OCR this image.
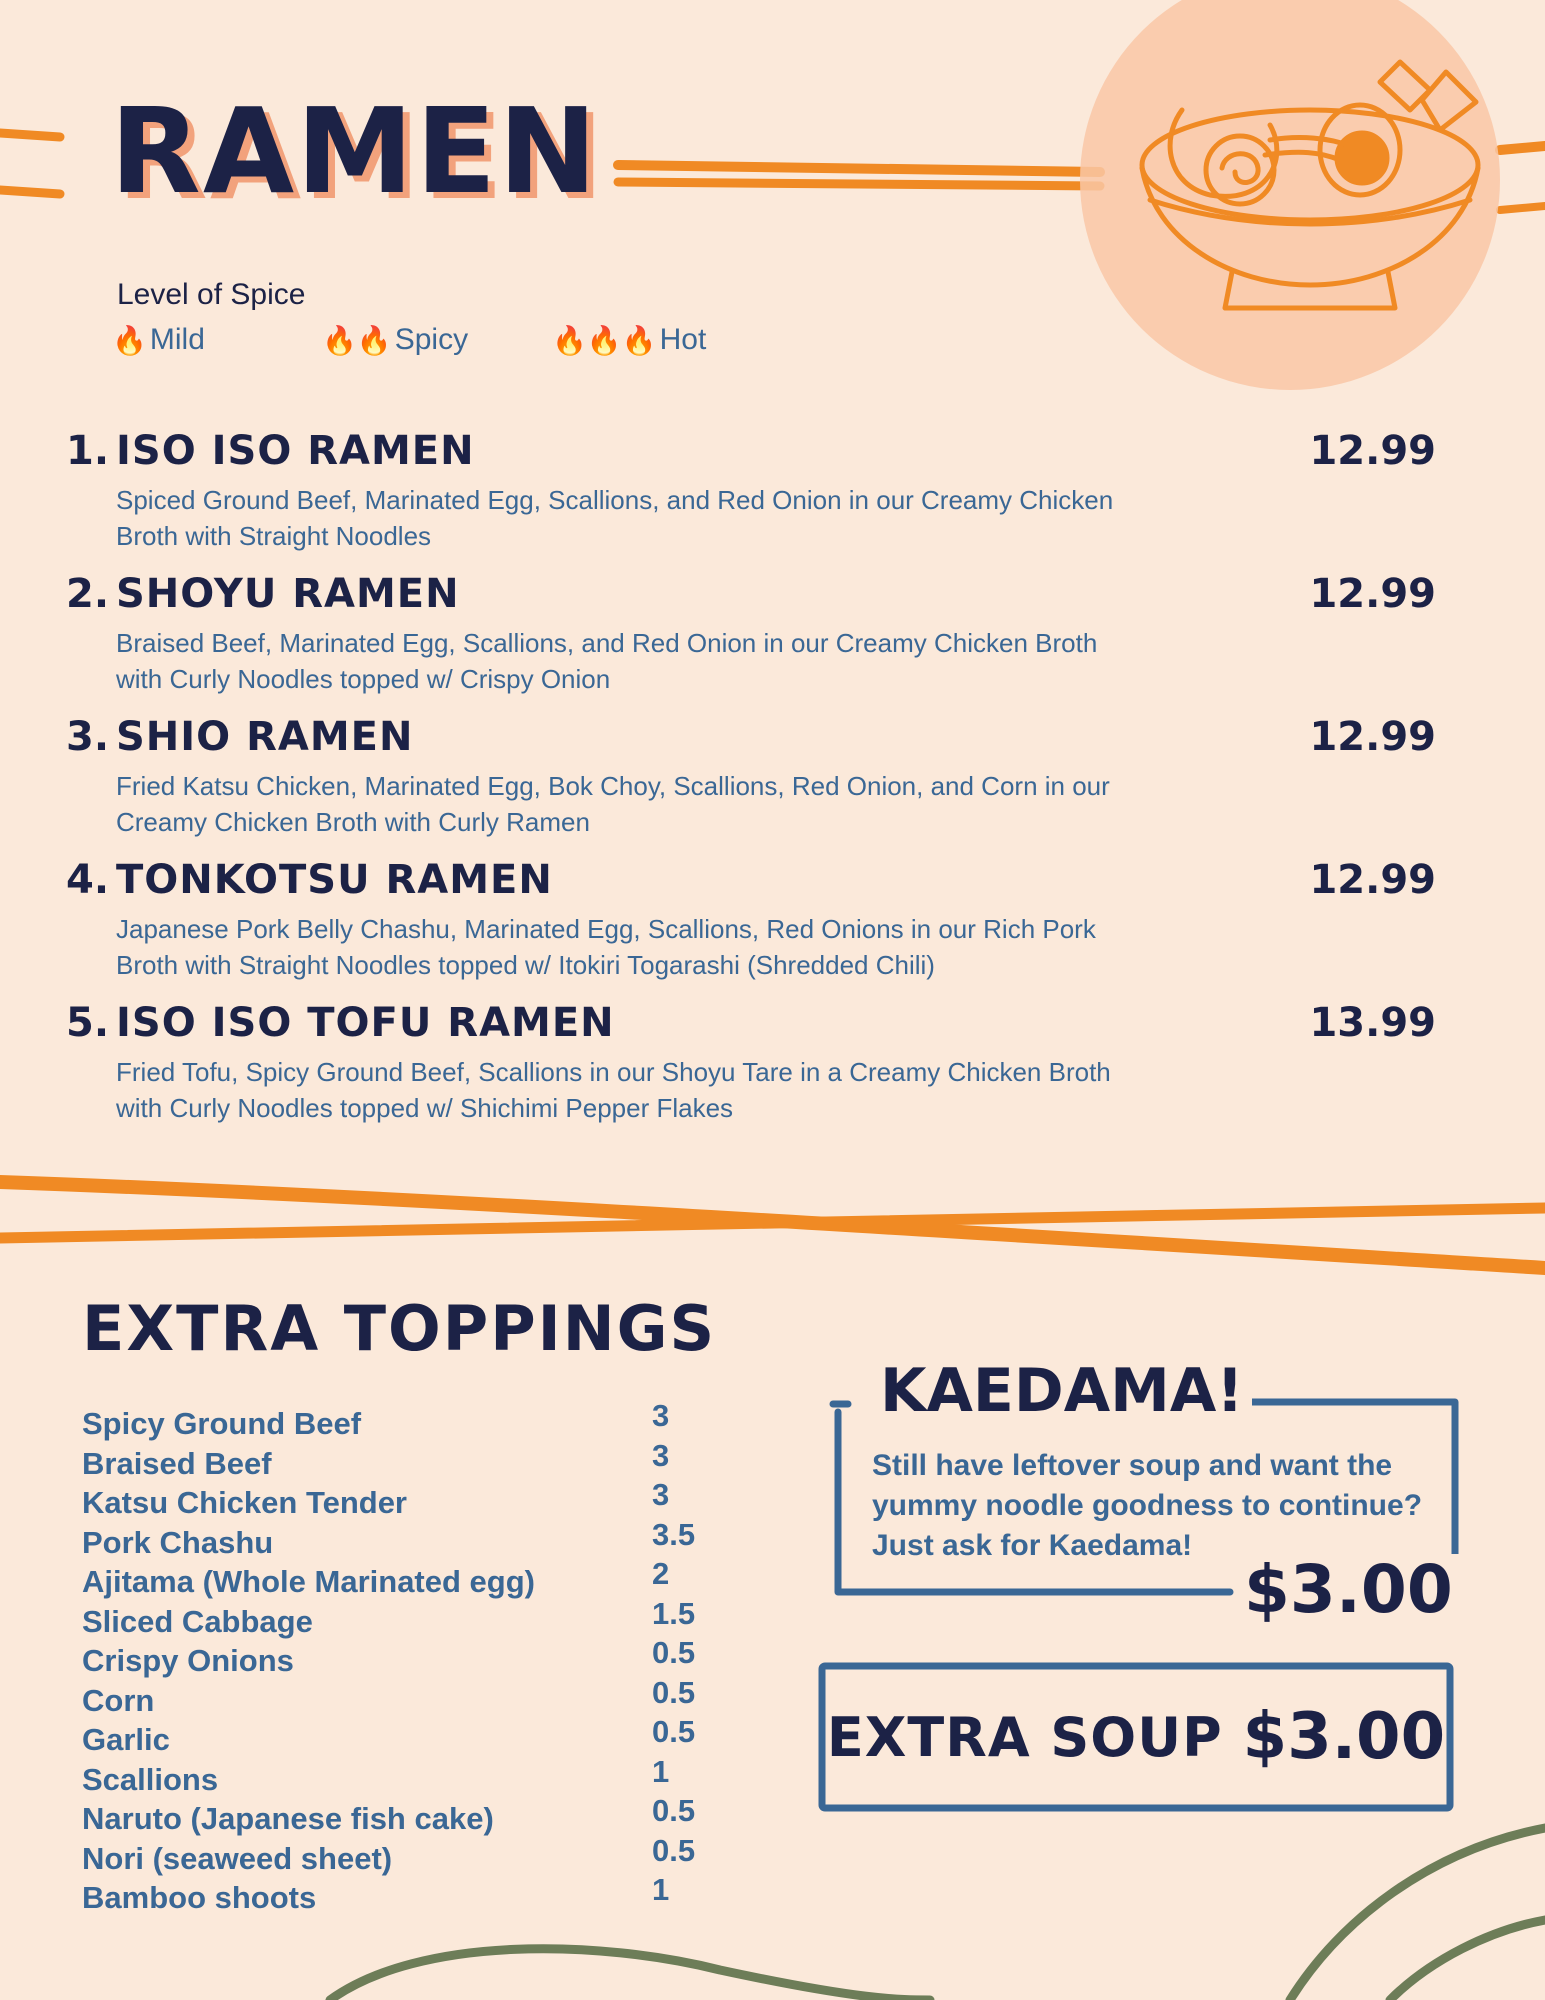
RAMEN

Level of Spice

🔥 Mild	🔥🔥 Spicy	🔥🔥🔥 Hot
1. ISO ISO RAMEN	12.99
Spiced Ground Beef, Marinated Egg, Scallions, and Red Onion in our Creamy Chicken Broth with Straight Noodles
2. SHOYU RAMEN	12.99
Braised Beef, Marinated Egg, Scallions, and Red Onion in our Creamy Chicken Broth with Curly Noodles topped w/ Crispy Onion
3. SHIO RAMEN	12.99
Fried Katsu Chicken, Marinated Egg, Bok Choy, Scallions, Red Onion, and Corn in our Creamy Chicken Broth with Curly Ramen
4. TONKOTSU RAMEN	12.99
Japanese Pork Belly Chashu, Marinated Egg, Scallions, Red Onions in our Rich Pork Broth with Straight Noodles topped w/ Itokiri Togarashi (Shredded Chili)
5. ISO ISO TOFU RAMEN	13.99
Fried Tofu, Spicy Ground Beef, Scallions in our Shoyu Tare in a Creamy Chicken Broth with Curly Noodles topped w/ Shichimi Pepper Flakes
EXTRA TOPPINGS
Spicy Ground Beef	3
Braised Beef	3
Katsu Chicken Tender	3
Pork Chashu	3.5
Ajitama (Whole Marinated egg)	2
Sliced Cabbage	1.5
Crispy Onions	0.5
Corn	0.5
Garlic	0.5
Scallions	1
Naruto (Japanese fish cake)	0.5
Nori (seaweed sheet)	0.5
Bamboo shoots	1
KAEDAMA!

Still have leftover soup and want the yummy noodle goodness to continue? Just ask for Kaedama!

$3.00
EXTRA SOUP $3.00
